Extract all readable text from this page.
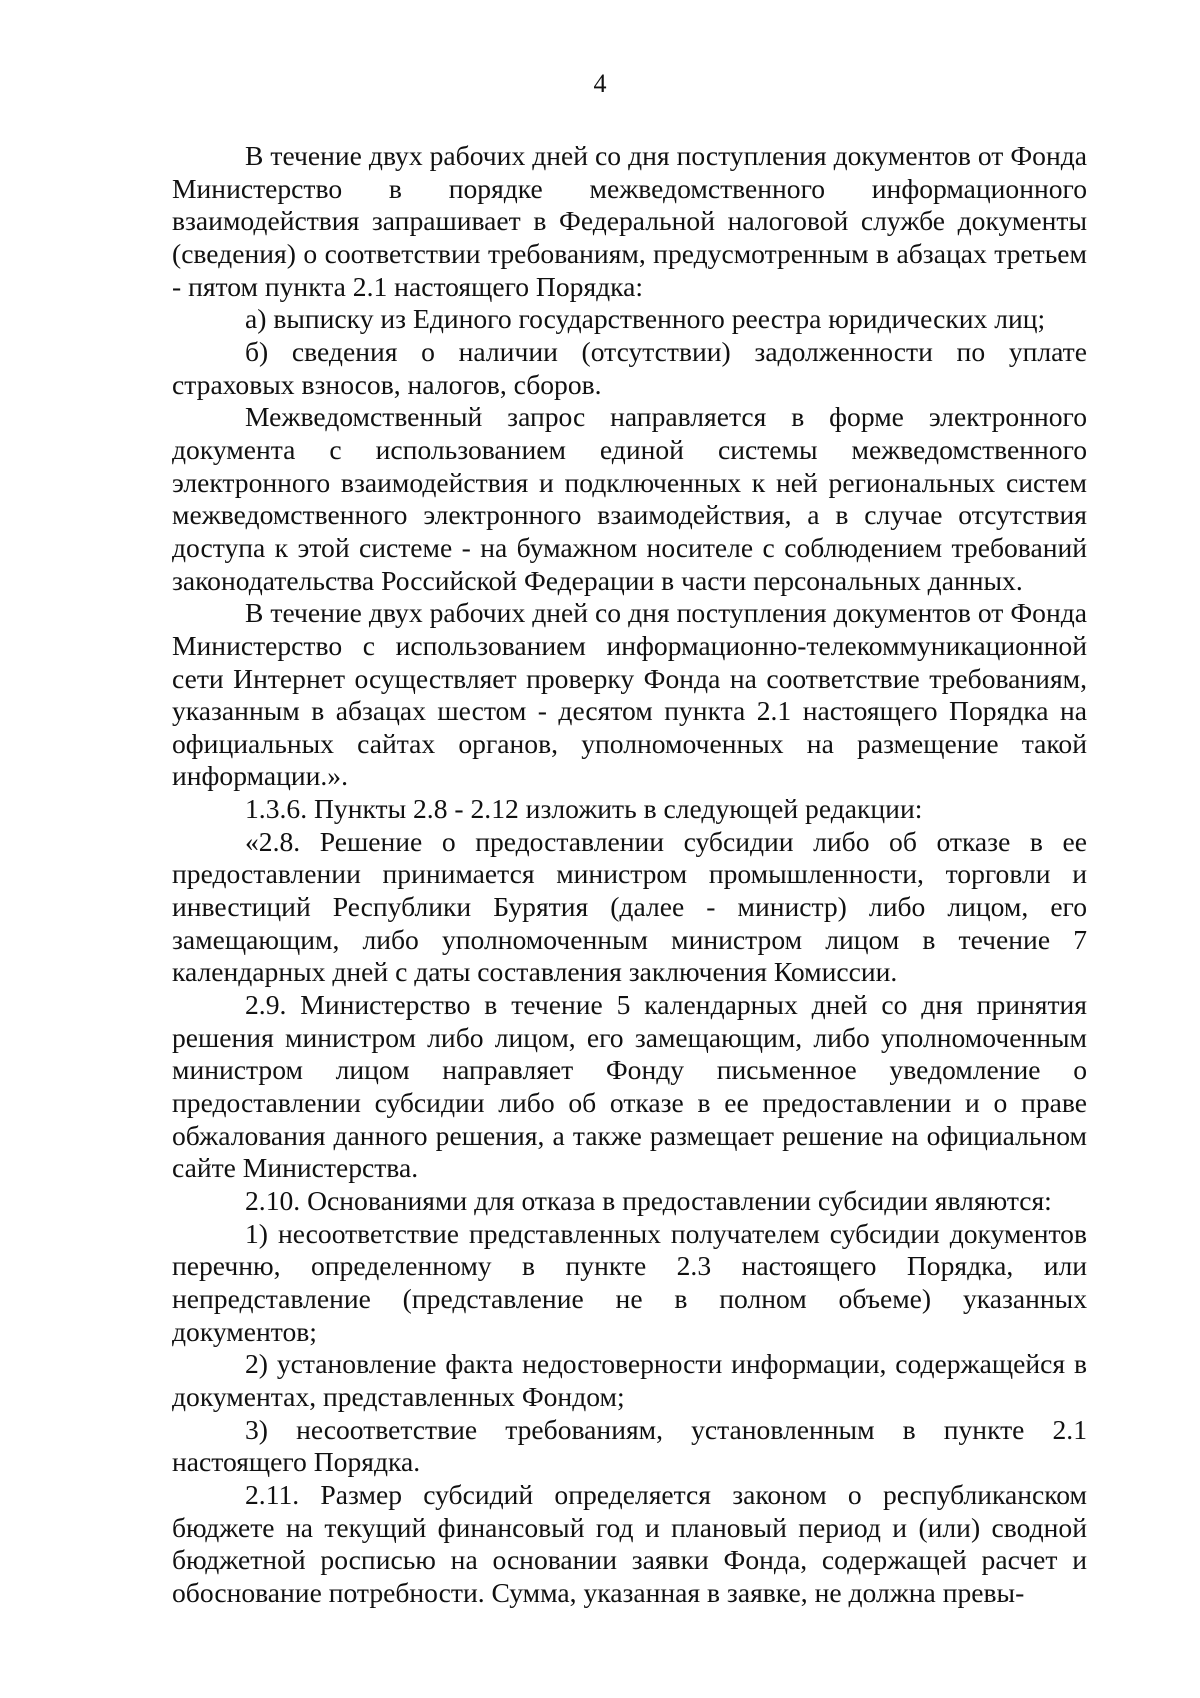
4

В течение двух рабочих дней со дня поступления документов от Фонда Министерство в порядке межведомственного информационного взаимодействия запрашивает в Федеральной налоговой службе документы (сведения) о соответствии требованиям, предусмотренным в абзацах третьем - пятом пункта 2.1 настоящего Порядка:

а) выписку из Единого государственного реестра юридических лиц;

б) сведения о наличии (отсутствии) задолженности по уплате страховых взносов, налогов, сборов.

Межведомственный запрос направляется в форме электронного документа с использованием единой системы межведомственного электронного взаимодействия и подключенных к ней региональных систем межведомственного электронного взаимодействия, а в случае отсутствия доступа к этой системе - на бумажном носителе с соблюдением требований законодательства Российской Федерации в части персональных данных.

В течение двух рабочих дней со дня поступления документов от Фонда Министерство с использованием информационно-телекоммуникационной сети Интернет осуществляет проверку Фонда на соответствие требованиям, указанным в абзацах шестом - десятом пункта 2.1 настоящего Порядка на официальных сайтах органов, уполномоченных на размещение такой информации.».

1.3.6. Пункты 2.8 - 2.12 изложить в следующей редакции:

«2.8. Решение о предоставлении субсидии либо об отказе в ее предоставлении принимается министром промышленности, торговли и инвестиций Республики Бурятия (далее - министр) либо лицом, его замещающим, либо уполномоченным министром лицом в течение 7 календарных дней с даты составления заключения Комиссии.

2.9. Министерство в течение 5 календарных дней со дня принятия решения министром либо лицом, его замещающим, либо уполномоченным министром лицом направляет Фонду письменное уведомление о предоставлении субсидии либо об отказе в ее предоставлении и о праве обжалования данного решения, а также размещает решение на официальном сайте Министерства.

2.10. Основаниями для отказа в предоставлении субсидии являются:

1) несоответствие представленных получателем субсидии документов перечню, определенному в пункте 2.3 настоящего Порядка, или непредставление (представление не в полном объеме) указанных документов;

2) установление факта недостоверности информации, содержащейся в документах, представленных Фондом;

3) несоответствие требованиям, установленным в пункте 2.1 настоящего Порядка.

2.11. Размер субсидий определяется законом о республиканском бюджете на текущий финансовый год и плановый период и (или) сводной бюджетной росписью на основании заявки Фонда, содержащей расчет и обоснование потребности. Сумма, указанная в заявке, не должна превы-
